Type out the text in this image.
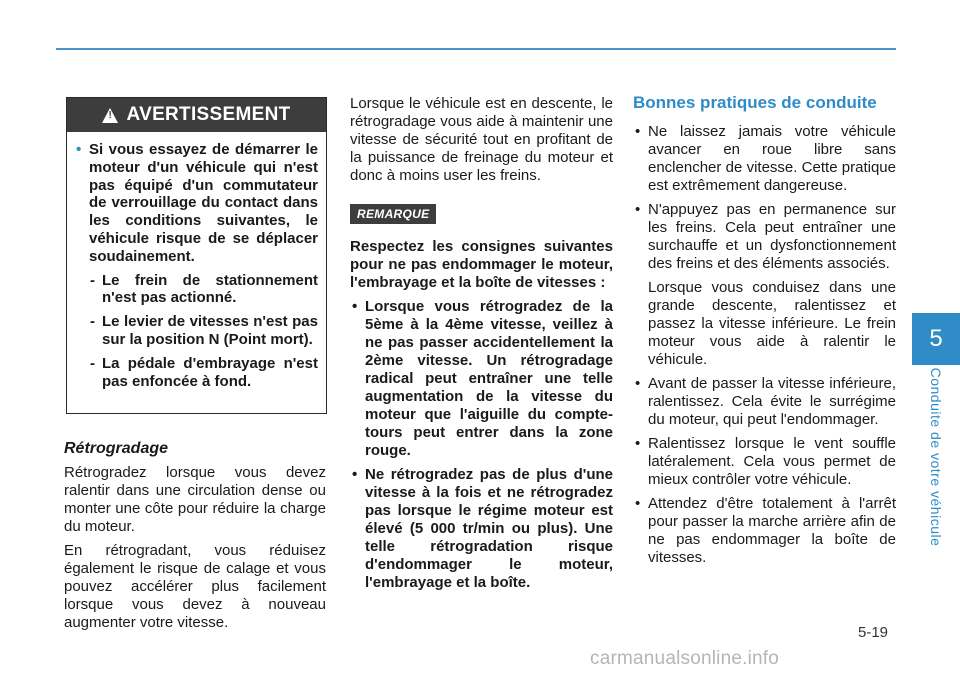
5
Conduite de votre véhicule
!
AVERTISSEMENT

• Si vous essayez de démarrer le moteur d'un véhicule qui n'est pas équipé d'un commutateur de verrouillage du contact dans les conditions suivantes, le véhicule risque de se déplacer soudainement.

- Le frein de stationnement n'est pas actionné.

- Le levier de vitesses n'est pas sur la position N (Point mort).

- La pédale d'embrayage n'est pas enfoncée à fond.

Rétrogradage

Rétrogradez lorsque vous devez ralentir dans une circulation dense ou monter une côte pour réduire la charge du moteur.

En rétrogradant, vous réduisez également le risque de calage et vous pouvez accélérer plus facilement lorsque vous devez à nouveau augmenter votre vitesse.

Lorsque le véhicule est en descente, le rétrogradage vous aide à maintenir une vitesse de sécurité tout en profitant de la puissance de freinage du moteur et donc à moins user les freins.

REMARQUE

Respectez les consignes suivantes pour ne pas endommager le moteur, l'embrayage et la boîte de vitesses :

• Lorsque vous rétrogradez de la 5ème à la 4ème vitesse, veillez à ne pas passer accidentellement la 2ème vitesse. Un rétrogradage radical peut entraîner une telle augmentation de la vitesse du moteur que l'aiguille du compte-tours peut entrer dans la zone rouge.
• Ne rétrogradez pas de plus d'une vitesse à la fois et ne rétrogradez pas lorsque le régime moteur est élevé (5 000 tr/min ou plus). Une telle rétrogradation risque d'endommager le moteur, l'embrayage et la boîte.
Bonnes pratiques de conduite
• Ne laissez jamais votre véhicule avancer en roue libre sans enclencher de vitesse. Cette pratique est extrêmement dangereuse.
• N'appuyez pas en permanence sur les freins. Cela peut entraîner une surchauffe et un dysfonctionnement des freins et des éléments associés.

Lorsque vous conduisez dans une grande descente, ralentissez et passez la vitesse inférieure. Le frein moteur vous aide à ralentir le véhicule.

• Avant de passer la vitesse inférieure, ralentissez. Cela évite le surrégime du moteur, qui peut l'endommager.
• Ralentissez lorsque le vent souffle latéralement. Cela vous permet de mieux contrôler votre véhicule.
• Attendez d'être totalement à l'arrêt pour passer la marche arrière afin de ne pas endommager la boîte de vitesses.
5-19
carmanualsonline.info
